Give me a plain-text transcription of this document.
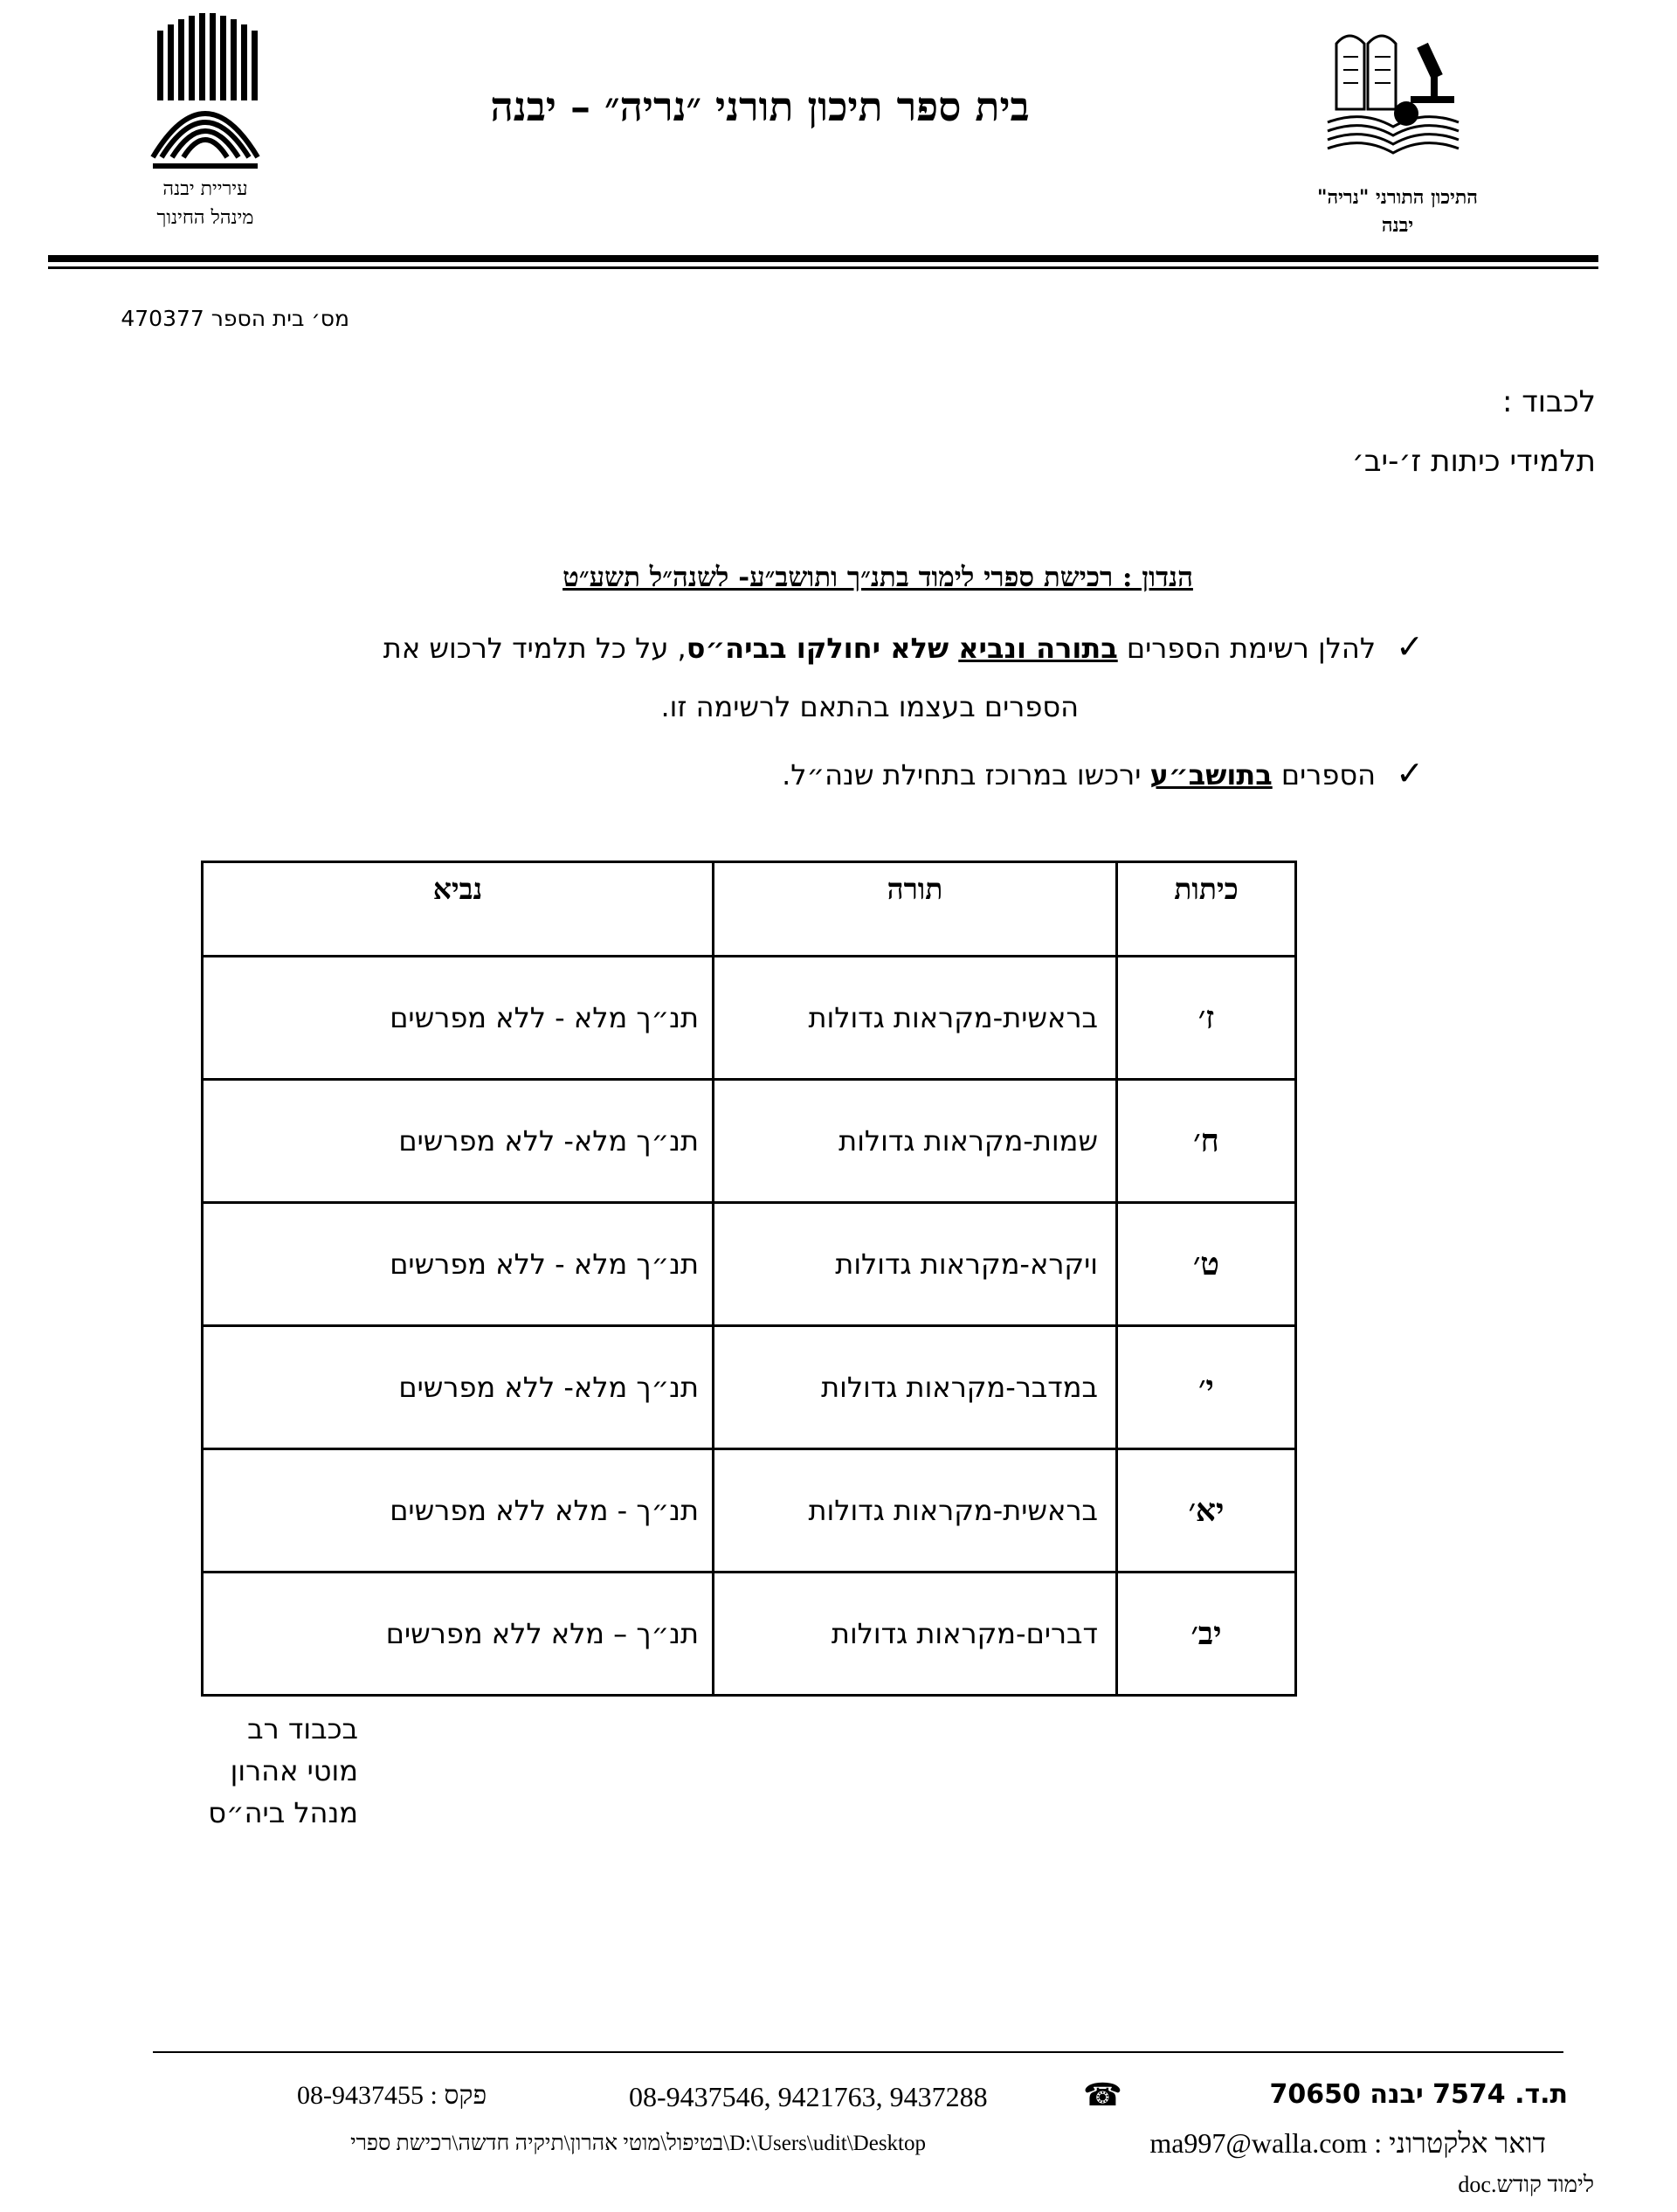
התיכון התורני "נריה"
יבנה
עיריית יבנה
מינהל החינוך
בית ספר תיכון תורני ״נריה״ – יבנה
מס׳ בית הספר 470377
לכבוד :
תלמידי כיתות ז׳-יב׳
הנדון : רכישת ספרי לימוד בתנ״ך ותושב״ע- לשנה״ל תשע״ט
✓להלן רשימת הספרים בתורה ונביא שלא יחולקו בביה״ס, על כל תלמיד לרכוש את
הספרים בעצמו בהתאם לרשימה זו.
✓הספרים בתושב״ע ירכשו במרוכז בתחילת שנה״ל.
כיתות	תורה	נביא
ז׳	בראשית-מקראות גדולות	תנ״ך מלא - ללא מפרשים
ח׳	שמות-מקראות גדולות	תנ״ך מלא- ללא מפרשים
ט׳	ויקרא-מקראות גדולות	תנ״ך מלא - ללא מפרשים
י׳	במדבר-מקראות גדולות	תנ״ך מלא- ללא מפרשים
יא׳	בראשית-מקראות גדולות	תנ״ך - מלא ללא מפרשים
יב׳	דברים-מקראות גדולות	תנ״ך – מלא ללא מפרשים
בכבוד רב
מוטי אהרון
מנהל ביה״ס
ת.ד. 7574 יבנה 70650
☎
08-9437546, 9421763, 9437288
פקס : 08-9437455
דואר אלקטרוני : ma997@walla.com
D:\Users\udit\Desktop\בטיפול\מוטי אהרון\תיקיה חדשה\רכישת ספרי
לימוד קודש.doc
